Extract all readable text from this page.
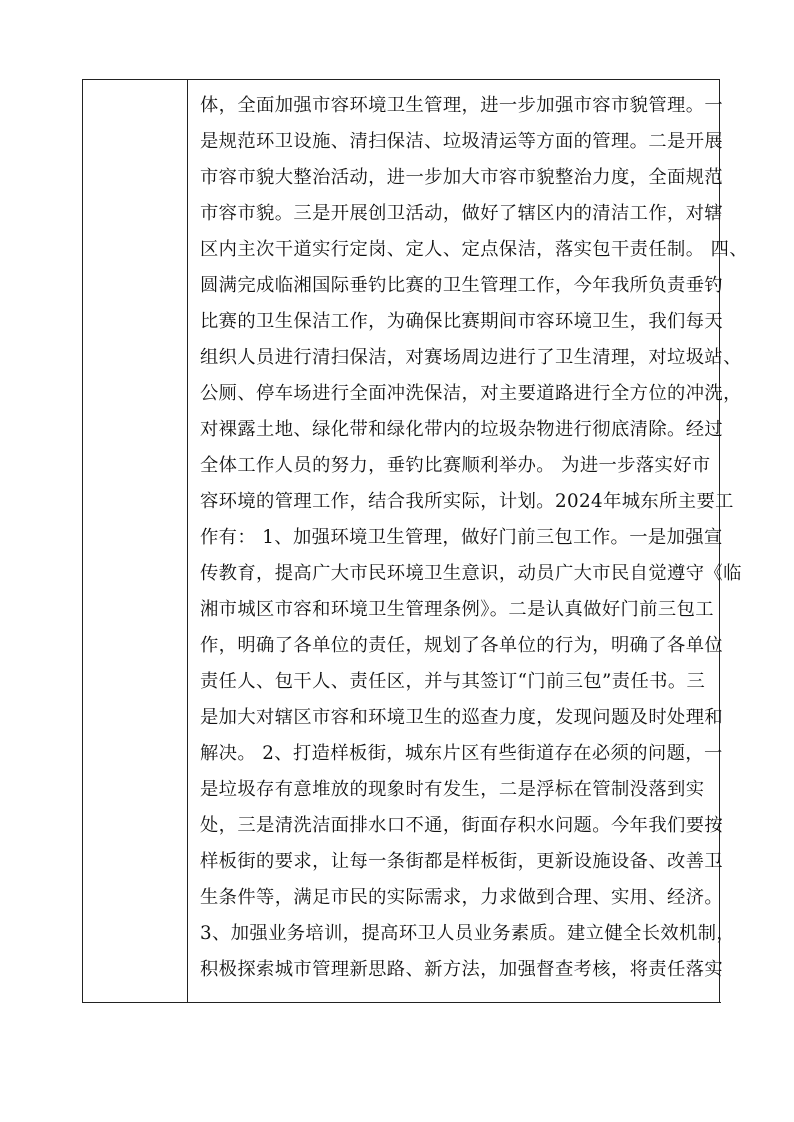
体，全面加强市容环境卫生管理，进一步加强市容市貌管理。一
是规范环卫设施、清扫保洁、垃圾清运等方面的管理。二是开展
市容市貌大整治活动，进一步加大市容市貌整治力度，全面规范
市容市貌。三是开展创卫活动，做好了辖区内的清洁工作，对辖
区内主次干道实行定岗、定人、定点保洁，落实包干责任制。 四、
圆满完成临湘国际垂钓比赛的卫生管理工作，今年我所负责垂钓
比赛的卫生保洁工作，为确保比赛期间市容环境卫生，我们每天
组织人员进行清扫保洁，对赛场周边进行了卫生清理，对垃圾站、
公厕、停车场进行全面冲洗保洁，对主要道路进行全方位的冲洗，
对裸露土地、绿化带和绿化带内的垃圾杂物进行彻底清除。经过
全体工作人员的努力，垂钓比赛顺利举办。 为进一步落实好市
容环境的管理工作，结合我所实际，计划。2024年城东所主要工
作有： 1、加强环境卫生管理，做好门前三包工作。一是加强宣
传教育，提高广大市民环境卫生意识，动员广大市民自觉遵守《临
湘市城区市容和环境卫生管理条例》。二是认真做好门前三包工
作，明确了各单位的责任，规划了各单位的行为，明确了各单位
责任人、包干人、责任区，并与其签订“门前三包”责任书。三
是加大对辖区市容和环境卫生的巡查力度，发现问题及时处理和
解决。 2、打造样板街，城东片区有些街道存在必须的问题，一
是垃圾存有意堆放的现象时有发生，二是浮标在管制没落到实
处，三是清洗洁面排水口不通，街面存积水问题。今年我们要按
样板街的要求，让每一条街都是样板街，更新设施设备、改善卫
生条件等，满足市民的实际需求，力求做到合理、实用、经济。
3、加强业务培训，提高环卫人员业务素质。建立健全长效机制，
积极探索城市管理新思路、新方法，加强督查考核，将责任落实
